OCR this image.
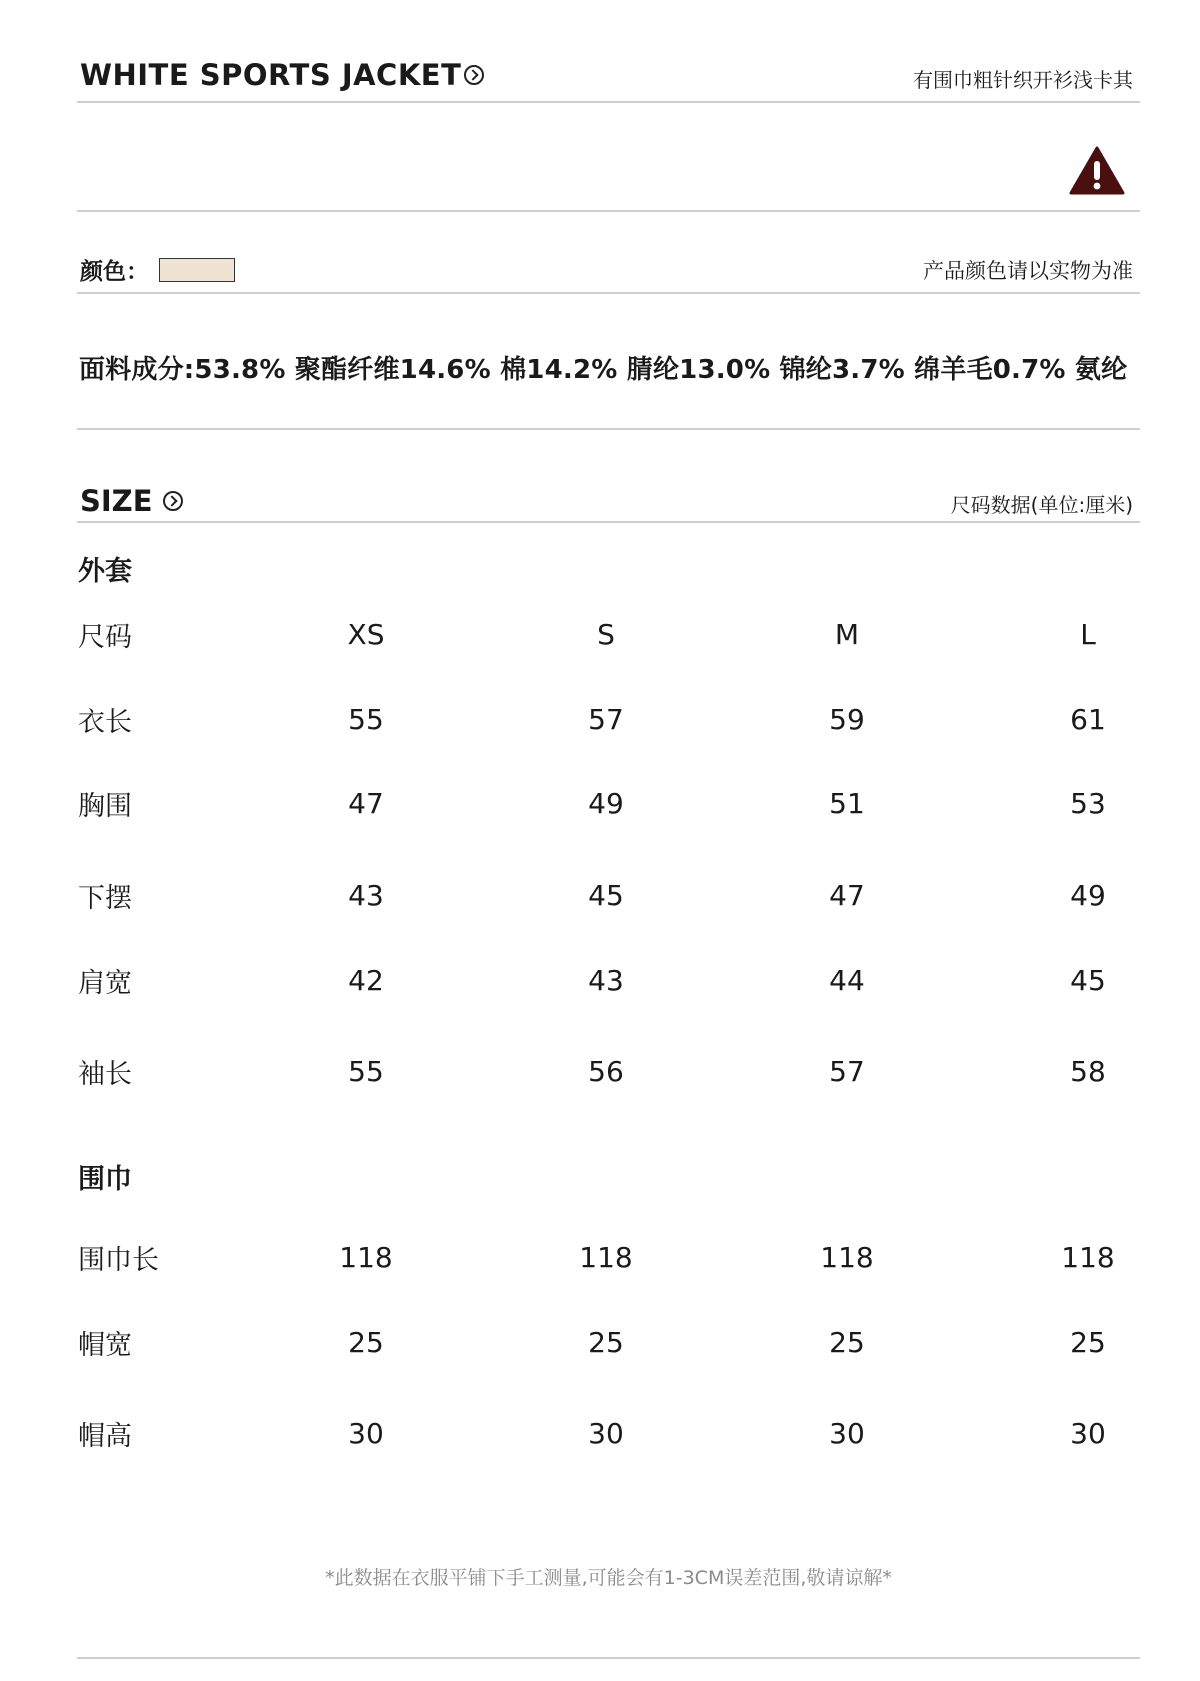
WHITE SPORTS JACKET	有围巾粗针织开衫浅卡其
颜色：	产品颜色请以实物为准
面料成分:53.8% 聚酯纤维14.6% 棉14.2% 腈纶13.0% 锦纶3.7% 绵羊毛0.7% 氨纶
SIZE	尺码数据(单位:厘米)
外套
尺码	XS	S	M	L
衣长	55	57	59	61
胸围	47	49	51	53
下摆	43	45	47	49
肩宽	42	43	44	45
袖长	55	56	57	58
围巾
围巾长	118	118	118	118
帽宽	25	25	25	25
帽高	30	30	30	30
*此数据在衣服平铺下手工测量,可能会有1-3CM误差范围,敬请谅解*
